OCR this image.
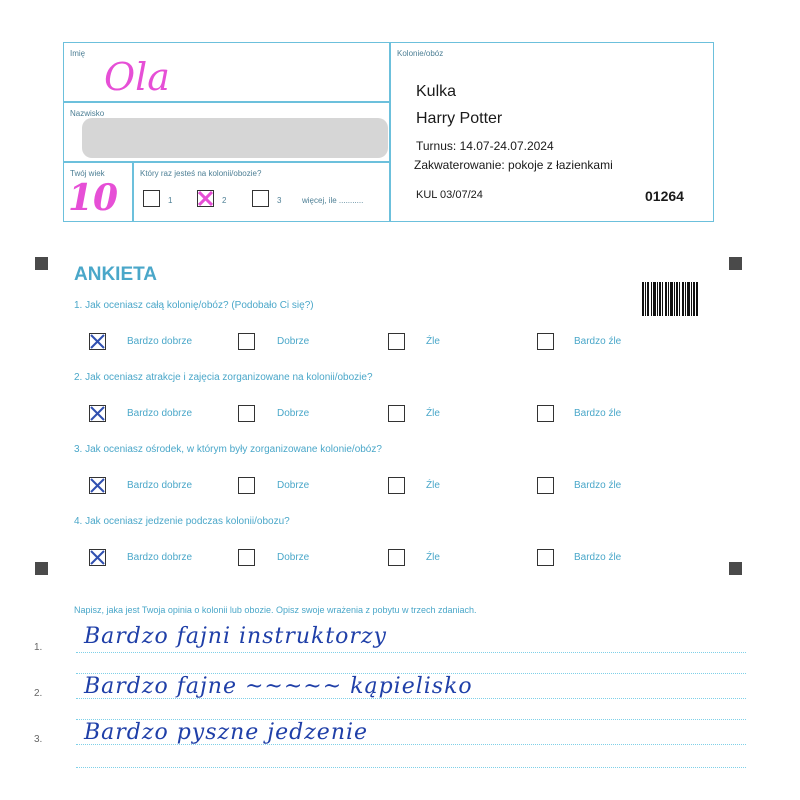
Imię
Ola
Nazwisko
Twój wiek
10
Który raz jesteś na kolonii/obozie?
1	2	3	więcej, ile ...........
Kolonie/obóz
Kulka
Harry Potter
Turnus: 14.07-24.07.2024
Zakwaterowanie: pokoje z łazienkami
KUL 03/07/24	01264
ANKIETA
1. Jak oceniasz całą kolonię/obóz? (Podobało Ci się?)
2. Jak oceniasz atrakcje i zajęcia zorganizowane na kolonii/obozie?
3. Jak oceniasz ośrodek, w którym były zorganizowane kolonie/obóz?
4. Jak oceniasz jedzenie podczas kolonii/obozu?
Bardzo dobrze	Dobrze	Źle	Bardzo źle
Bardzo dobrze	Dobrze	Źle	Bardzo źle
Bardzo dobrze	Dobrze	Źle	Bardzo źle
Bardzo dobrze	Dobrze	Źle	Bardzo źle
Napisz, jaka jest Twoja opinia o kolonii lub obozie. Opisz swoje wrażenia z pobytu w trzech zdaniach.
1. Bardzo fajni instruktorzy
2. Bardzo fajne ~~~~~ kąpielisko
3. Bardzo pyszne jedzenie
